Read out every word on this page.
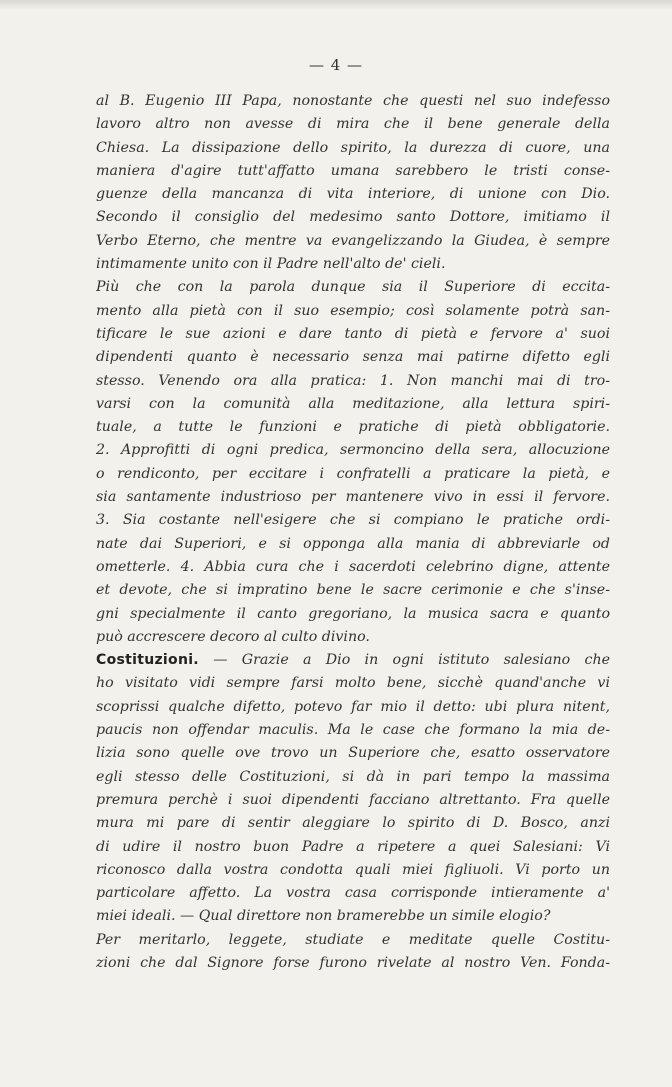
— 4 —
al B. Eugenio III Papa, nonostante che questi nel suo indefesso
lavoro altro non avesse di mira che il bene generale della
Chiesa. La dissipazione dello spirito, la durezza di cuore, una
maniera d'agire tutt'affatto umana sarebbero le tristi conse-
guenze della mancanza di vita interiore, di unione con Dio.
Secondo il consiglio del medesimo santo Dottore, imitiamo il
Verbo Eterno, che mentre va evangelizzando la Giudea, è sempre
intimamente unito con il Padre nell'alto de' cieli.
Più che con la parola dunque sia il Superiore di eccita-
mento alla pietà con il suo esempio; così solamente potrà san-
tificare le sue azioni e dare tanto di pietà e fervore a' suoi
dipendenti quanto è necessario senza mai patirne difetto egli
stesso. Venendo ora alla pratica: 1. Non manchi mai di tro-
varsi con la comunità alla meditazione, alla lettura spiri-
tuale, a tutte le funzioni e pratiche di pietà obbligatorie.
2. Approfitti di ogni predica, sermoncino della sera, allocuzione
o rendiconto, per eccitare i confratelli a praticare la pietà, e
sia santamente industrioso per mantenere vivo in essi il fervore.
3. Sia costante nell'esigere che si compiano le pratiche ordi-
nate dai Superiori, e si opponga alla mania di abbreviarle od
ometterle. 4. Abbia cura che i sacerdoti celebrino digne, attente
et devote, che si impratino bene le sacre cerimonie e che s'inse-
gni specialmente il canto gregoriano, la musica sacra e quanto
può accrescere decoro al culto divino.
Costituzioni. — Grazie a Dio in ogni istituto salesiano che
ho visitato vidi sempre farsi molto bene, sicchè quand'anche vi
scoprissi qualche difetto, potevo far mio il detto: ubi plura nitent,
paucis non offendar maculis. Ma le case che formano la mia de-
lizia sono quelle ove trovo un Superiore che, esatto osservatore
egli stesso delle Costituzioni, si dà in pari tempo la massima
premura perchè i suoi dipendenti facciano altrettanto. Fra quelle
mura mi pare di sentir aleggiare lo spirito di D. Bosco, anzi
di udire il nostro buon Padre a ripetere a quei Salesiani: Vi
riconosco dalla vostra condotta quali miei figliuoli. Vi porto un
particolare affetto. La vostra casa corrisponde intieramente a'
miei ideali. — Qual direttore non bramerebbe un simile elogio?
Per meritarlo, leggete, studiate e meditate quelle Costitu-
zioni che dal Signore forse furono rivelate al nostro Ven. Fonda-
